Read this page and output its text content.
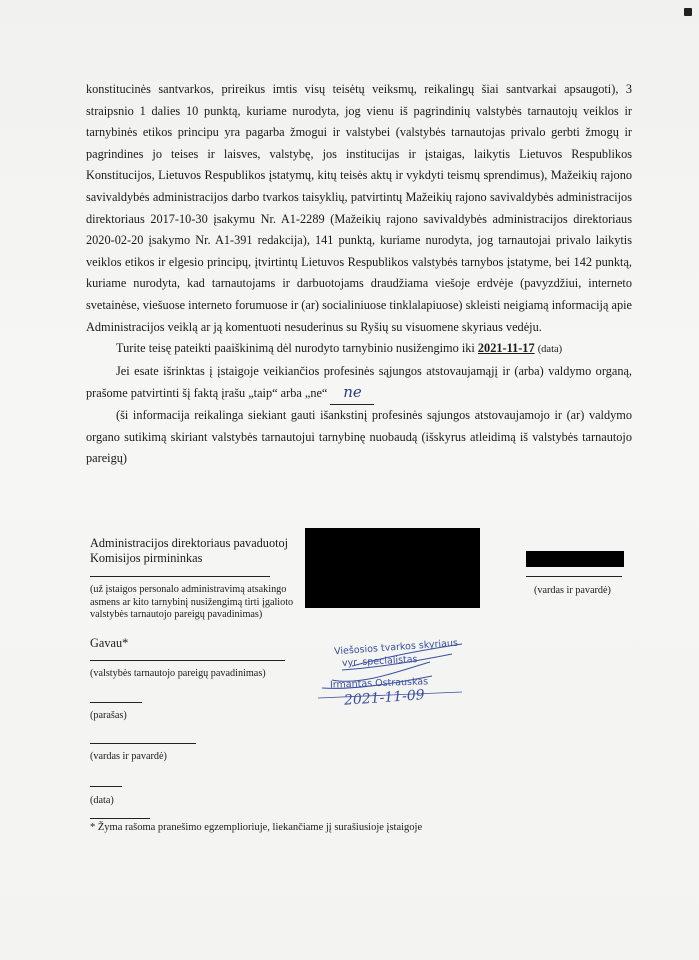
konstitucinės santvarkos, prireikus imtis visų teisėtų veiksmų, reikalingų šiai santvarkai apsaugoti), 3 straipsnio 1 dalies 10 punktą, kuriame nurodyta, jog vienu iš pagrindinių valstybės tarnautojų veiklos ir tarnybinės etikos principu yra pagarba žmogui ir valstybei (valstybės tarnautojas privalo gerbti žmogų ir pagrindines jo teises ir laisves, valstybę, jos institucijas ir įstaigas, laikytis Lietuvos Respublikos Konstitucijos, Lietuvos Respublikos įstatymų, kitų teisės aktų ir vykdyti teismų sprendimus), Mažeikių rajono savivaldybės administracijos darbo tvarkos taisyklių, patvirtintų Mažeikių rajono savivaldybės administracijos direktoriaus 2017-10-30 įsakymu Nr. A1-2289 (Mažeikių rajono savivaldybės administracijos direktoriaus 2020-02-20 įsakymo Nr. A1-391 redakcija), 141 punktą, kuriame nurodyta, jog tarnautojai privalo laikytis veiklos etikos ir elgesio principų, įtvirtintų Lietuvos Respublikos valstybės tarnybos įstatyme, bei 142 punktą, kuriame nurodyta, kad tarnautojams ir darbuotojams draudžiama viešoje erdvėje (pavyzdžiui, interneto svetainėse, viešuose interneto forumuose ir (ar) socialiniuose tinklalapiuose) skleisti neigiamą informaciją apie Administracijos veiklą ar ją komentuoti nesuderinus su Ryšių su visuomene skyriaus vedėju.

Turite teisę pateikti paaiškinimą dėl nurodyto tarnybinio nusižengimo iki 2021-11-17 (data)

Jei esate išrinktas į įstaigoje veikiančios profesinės sąjungos atstovaujamąjį ir (arba) valdymo organą, prašome patvirtinti šį faktą įrašu „taip“ arba „ne“ ne

(ši informacija reikalinga siekiant gauti išankstinį profesinės sąjungos atstovaujamojo ir (ar) valdymo organo sutikimą skiriant valstybės tarnautojui tarnybinę nuobaudą (išskyrus atleidimą iš valstybės tarnautojo pareigų)

Administracijos direktoriaus pavaduotoj
Komisijos pirmininkas
(už įstaigos personalo administravimą atsakingo
asmens ar kito tarnybinį nusižengimą tirti įgalioto
valstybės tarnautojo pareigų pavadinimas)
(vardas ir pavardė)
Gavau*
(valstybės tarnautojo pareigų pavadinimas)
(parašas)
(vardas ir pavardė)
(data)
Viešosios tvarkos skyriaus
vyr. specialistas
Irmantas Ostrauskas
2021-11-09
* Žyma rašoma pranešimo egzemplioriuje, liekančiame jį surašiusioje įstaigoje
